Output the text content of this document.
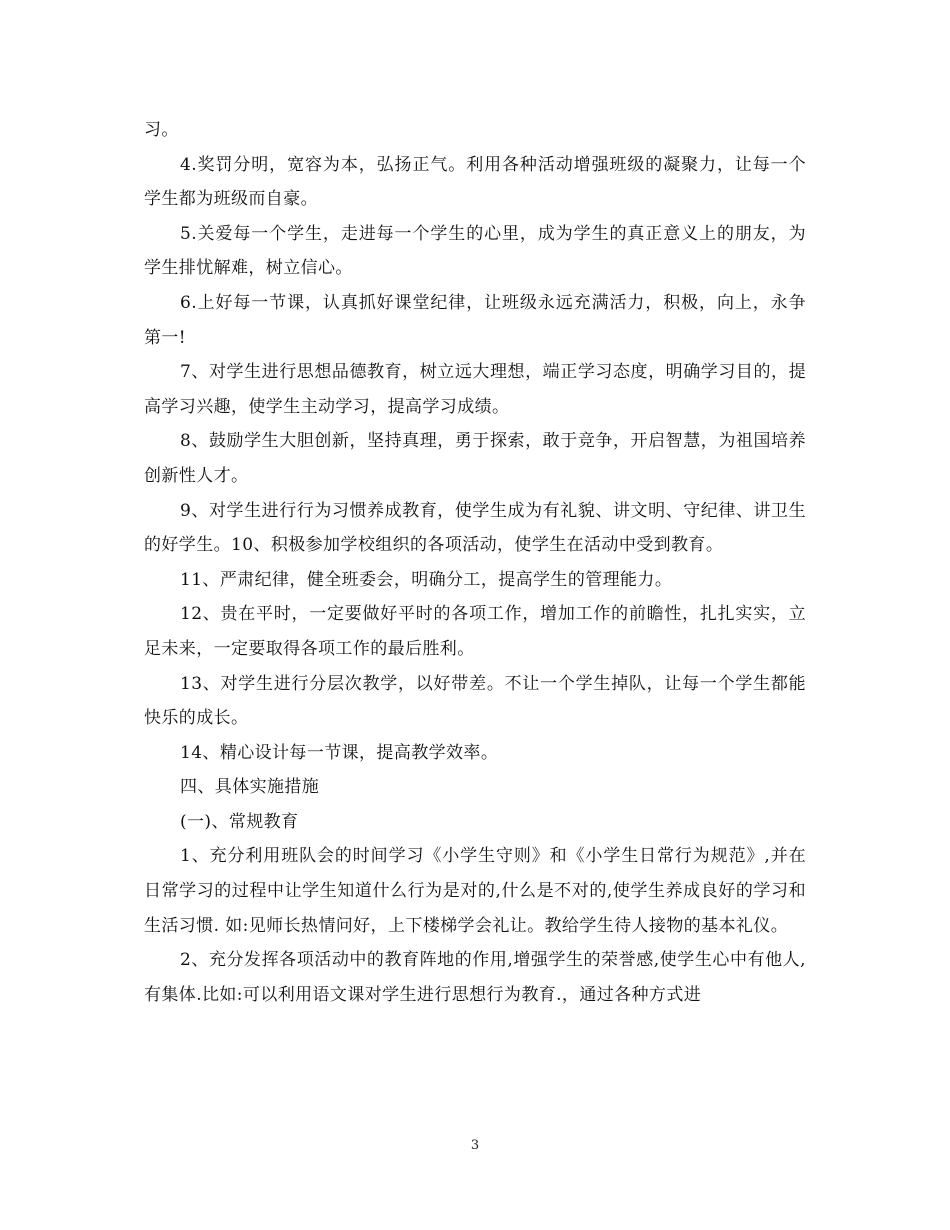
习。

4.奖罚分明，宽容为本，弘扬正气。利用各种活动增强班级的凝聚力，让每一个学生都为班级而自豪。

5.关爱每一个学生，走进每一个学生的心里，成为学生的真正意义上的朋友，为学生排忧解难，树立信心。

6.上好每一节课，认真抓好课堂纪律，让班级永远充满活力，积极，向上，永争第一!

7、对学生进行思想品德教育，树立远大理想，端正学习态度，明确学习目的，提高学习兴趣，使学生主动学习，提高学习成绩。

8、鼓励学生大胆创新，坚持真理，勇于探索，敢于竞争，开启智慧，为祖国培养创新性人才。

9、对学生进行行为习惯养成教育，使学生成为有礼貌、讲文明、守纪律、讲卫生的好学生。10、积极参加学校组织的各项活动，使学生在活动中受到教育。

11、严肃纪律，健全班委会，明确分工，提高学生的管理能力。

12、贵在平时，一定要做好平时的各项工作，增加工作的前瞻性，扎扎实实，立足未来，一定要取得各项工作的最后胜利。

13、对学生进行分层次教学，以好带差。不让一个学生掉队，让每一个学生都能快乐的成长。

14、精心设计每一节课，提高教学效率。

四、具体实施措施

(一)、常规教育

1、充分利用班队会的时间学习《小学生守则》和《小学生日常行为规范》,并在日常学习的过程中让学生知道什么行为是对的,什么是不对的,使学生养成良好的学习和生活习惯. 如:见师长热情问好，上下楼梯学会礼让。教给学生待人接物的基本礼仪。

2、充分发挥各项活动中的教育阵地的作用,增强学生的荣誉感,使学生心中有他人,有集体.比如:可以利用语文课对学生进行思想行为教育.，通过各种方式进

3
